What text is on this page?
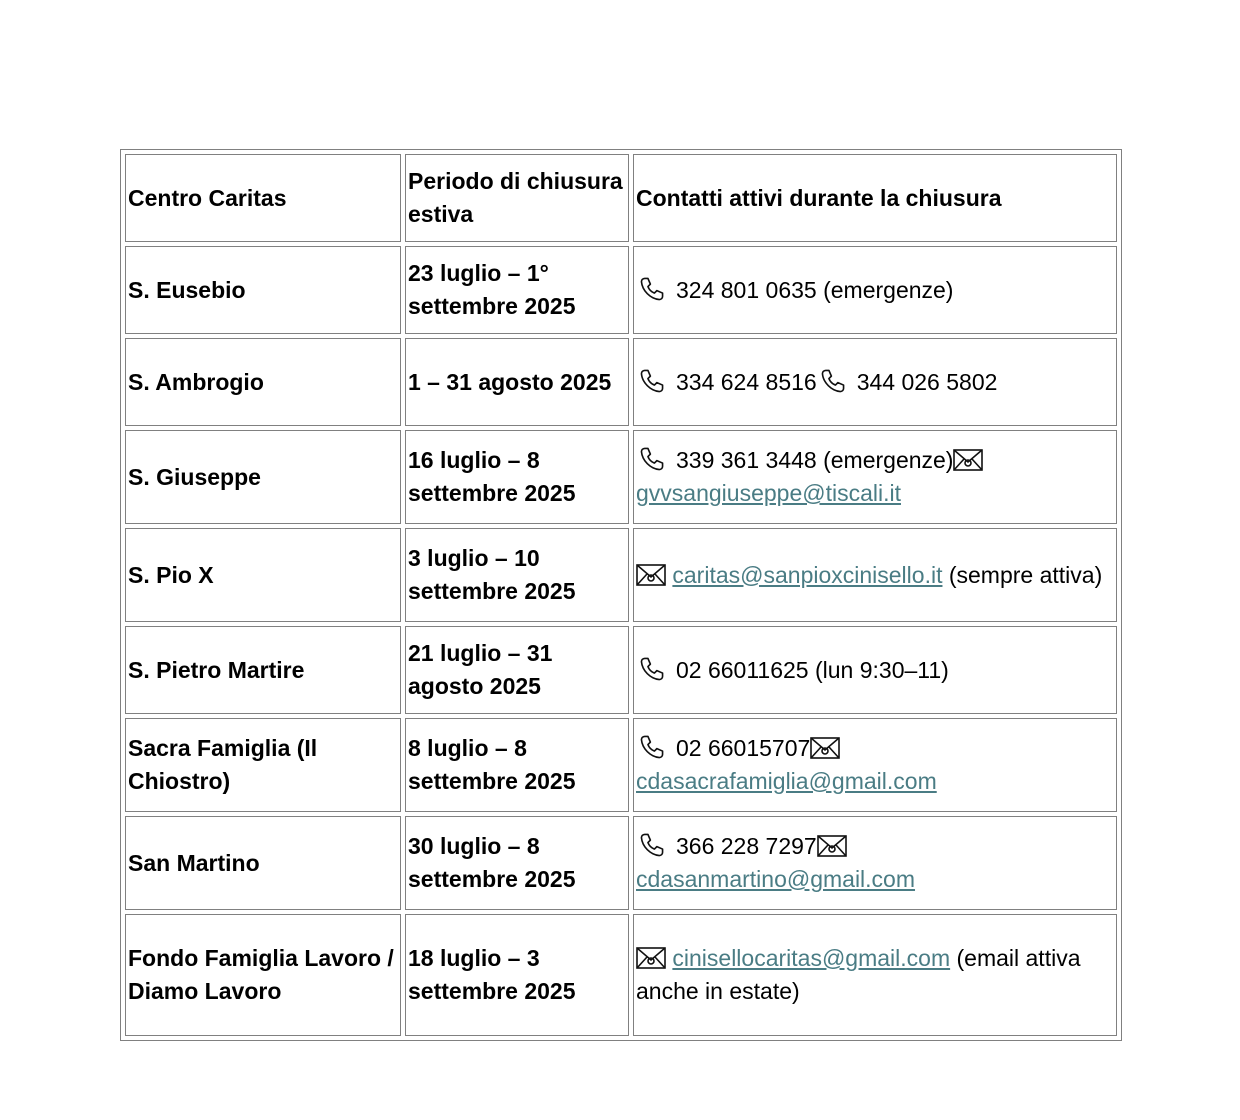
Centro Caritas	Periodo di chiusura estiva	Contatti attivi durante la chiusura
S. Eusebio	23 luglio – 1° settembre 2025	324 801 0635 (emergenze)
S. Ambrogio	1 – 31 agosto 2025	334 624 8516 344 026 5802
S. Giuseppe	16 luglio – 8 settembre 2025	339 361 3448 (emergenze)
gvvsangiuseppe@tiscali.it
S. Pio X	3 luglio – 10 settembre 2025	caritas@sanpioxcinisello.it (sempre attiva)
S. Pietro Martire	21 luglio – 31 agosto 2025	02 66011625 (lun 9:30–11)
Sacra Famiglia (Il Chiostro)	8 luglio – 8 settembre 2025	02 66015707
cdasacrafamiglia@gmail.com
San Martino	30 luglio – 8 settembre 2025	366 228 7297
cdasanmartino@gmail.com
Fondo Famiglia Lavoro / Diamo Lavoro	18 luglio – 3 settembre 2025	cinisellocaritas@gmail.com (email attiva anche in estate)
